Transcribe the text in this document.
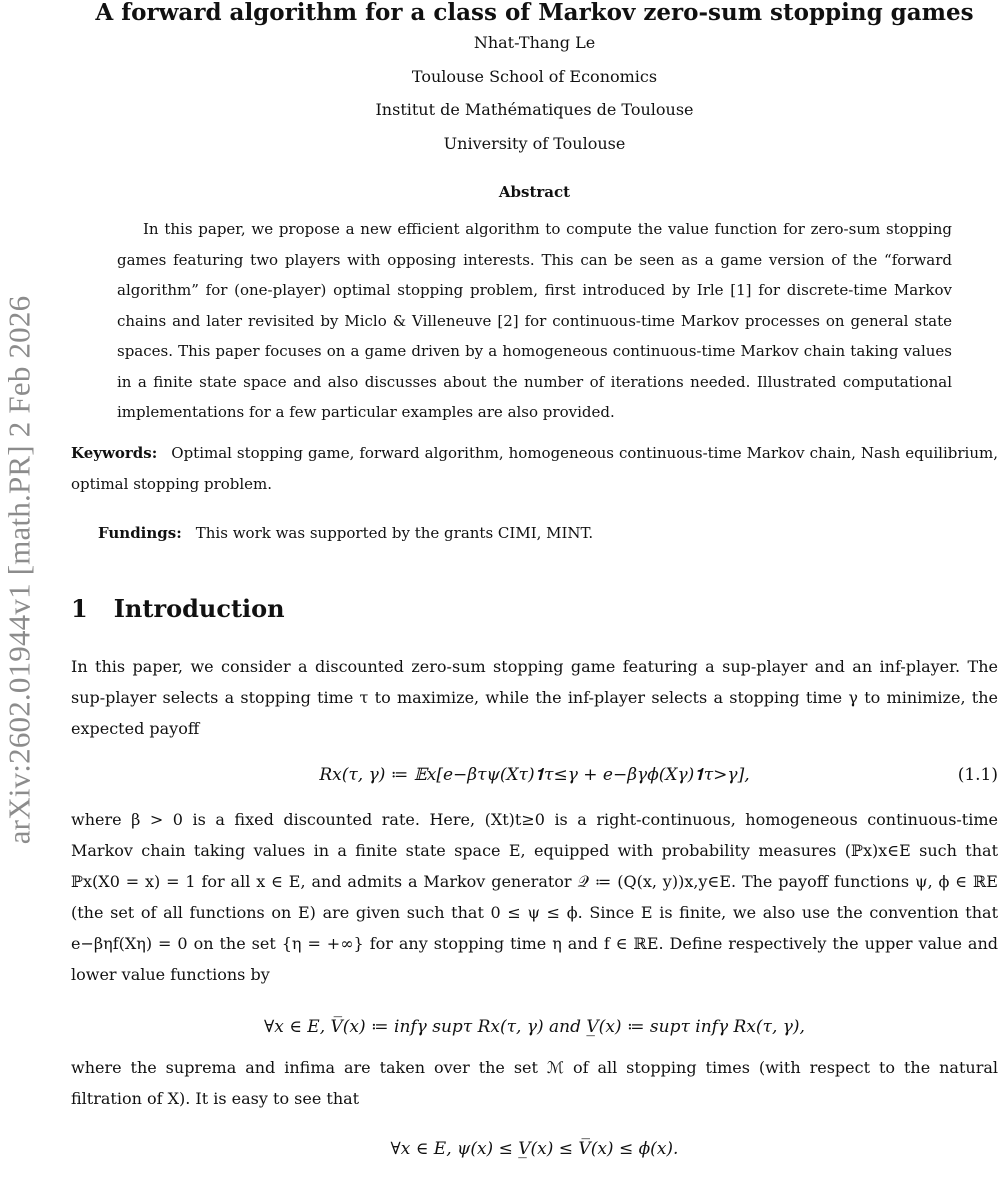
arXiv:2602.01944v1 [math.PR] 2 Feb 2026
A forward algorithm for a class of Markov zero-sum stopping games

Nhat-Thang Le

Toulouse School of Economics

Institut de Mathématiques de Toulouse

University of Toulouse

Abstract
In this paper, we propose a new efficient algorithm to compute the value function for zero-sum stopping games featuring two players with opposing interests. This can be seen as a game version of the “forward algorithm” for (one-player) optimal stopping problem, first introduced by Irle [1] for discrete-time Markov chains and later revisited by Miclo & Villeneuve [2] for continuous-time Markov processes on general state spaces. This paper focuses on a game driven by a homogeneous continuous-time Markov chain taking values in a finite state space and also discusses about the number of iterations needed. Illustrated computational implementations for a few particular examples are also provided.
Keywords: Optimal stopping game, forward algorithm, homogeneous continuous-time Markov chain, Nash equilibrium, optimal stopping problem.
Fundings: This work was supported by the grants CIMI, MINT.
1 Introduction
In this paper, we consider a discounted zero-sum stopping game featuring a sup-player and an inf-player. The sup-player selects a stopping time τ to maximize, while the inf-player selects a stopping time γ to minimize, the expected payoff
Rx(τ, γ) ≔ 𝔼x[e−βτψ(Xτ)𝟏τ≤γ + e−βγϕ(Xγ)𝟏τ>γ],	(1.1)
where β > 0 is a fixed discounted rate. Here, (Xt)t≥0 is a right-continuous, homogeneous continuous-time Markov chain taking values in a finite state space E, equipped with probability measures (ℙx)x∈E such that ℙx(X0 = x) = 1 for all x ∈ E, and admits a Markov generator 𝒬 ≔ (Q(x, y))x,y∈E. The payoff functions ψ, ϕ ∈ ℝE (the set of all functions on E) are given such that 0 ≤ ψ ≤ ϕ. Since E is finite, we also use the convention that e−βηf(Xη) = 0 on the set {η = +∞} for any stopping time η and f ∈ ℝE. Define respectively the upper value and lower value functions by
∀x ∈ E, V̅(x) ≔ infγ supτ Rx(τ, γ) and V̲(x) ≔ supτ infγ Rx(τ, γ),
where the suprema and infima are taken over the set ℳ of all stopping times (with respect to the natural filtration of X). It is easy to see that
∀x ∈ E, ψ(x) ≤ V̲(x) ≤ V̅(x) ≤ ϕ(x).
